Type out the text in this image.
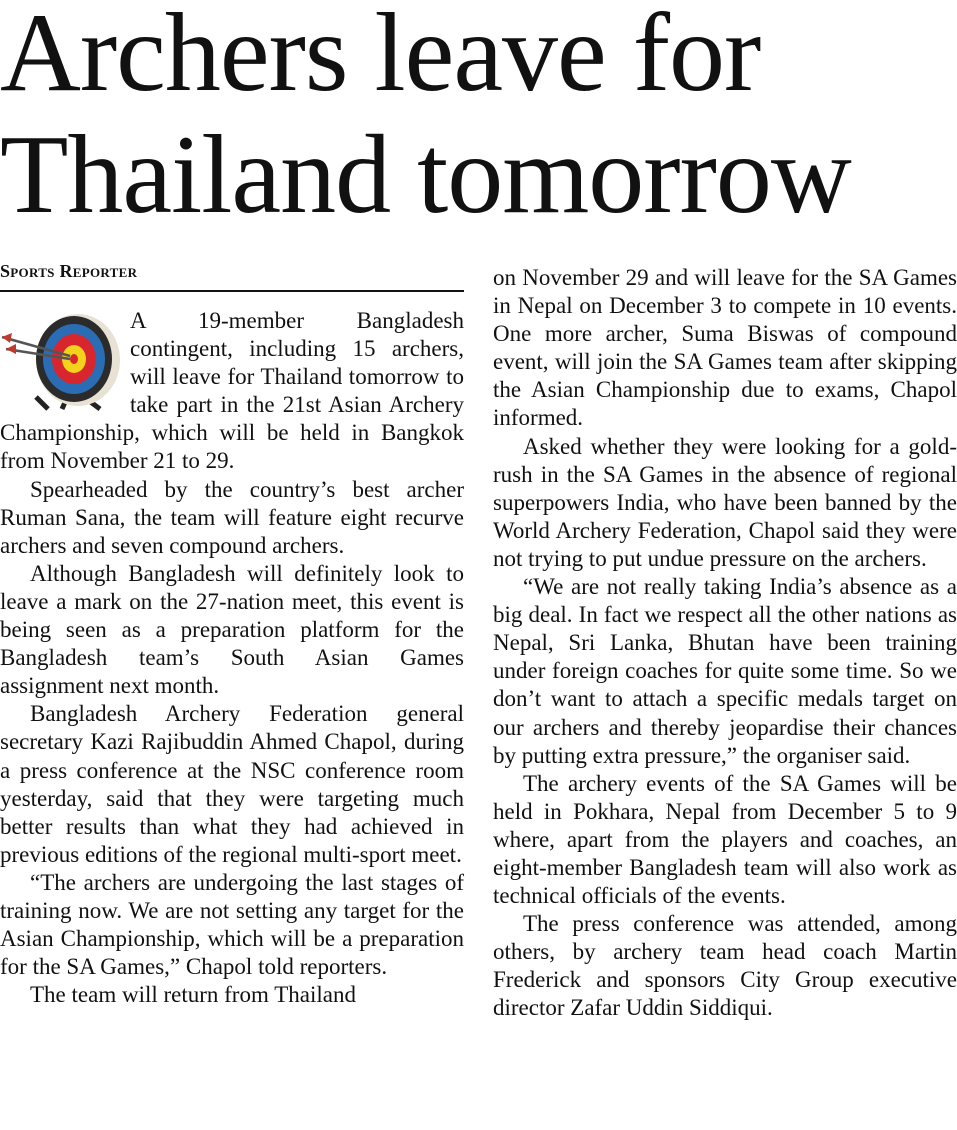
Archers leave for
Thailand tomorrow
Sports Reporter

A 19-member Bangladesh contingent, including 15 archers, will leave for Thailand tomorrow to take part in the 21st Asian Archery Championship, which will be held in Bangkok from November 21 to 29.

Spearheaded by the country’s best archer Ruman Sana, the team will feature eight recurve archers and seven compound archers.

Although Bangladesh will definitely look to leave a mark on the 27-nation meet, this event is being seen as a preparation platform for the Bangladesh team’s South Asian Games assignment next month.

Bangladesh Archery Federation general secretary Kazi Rajibuddin Ahmed Chapol, during a press conference at the NSC conference room yesterday, said that they were targeting much better results than what they had achieved in previous editions of the regional multi-sport meet.

“The archers are undergoing the last stages of training now. We are not setting any target for the Asian Championship, which will be a preparation for the SA Games,” Chapol told reporters.

The team will return from Thailand

on November 29 and will leave for the SA Games in Nepal on December 3 to compete in 10 events. One more archer, Suma Biswas of compound event, will join the SA Games team after skipping the Asian Championship due to exams, Chapol informed.

Asked whether they were looking for a gold-rush in the SA Games in the absence of regional superpowers India, who have been banned by the World Archery Federation, Chapol said they were not trying to put undue pressure on the archers.

“We are not really taking India’s absence as a big deal. In fact we respect all the other nations as Nepal, Sri Lanka, Bhutan have been training under foreign coaches for quite some time. So we don’t want to attach a specific medals target on our archers and thereby jeopardise their chances by putting extra pressure,” the organiser said.

The archery events of the SA Games will be held in Pokhara, Nepal from December 5 to 9 where, apart from the players and coaches, an eight-member Bangladesh team will also work as technical officials of the events.

The press conference was attended, among others, by archery team head coach Martin Frederick and sponsors City Group executive director Zafar Uddin Siddiqui.
